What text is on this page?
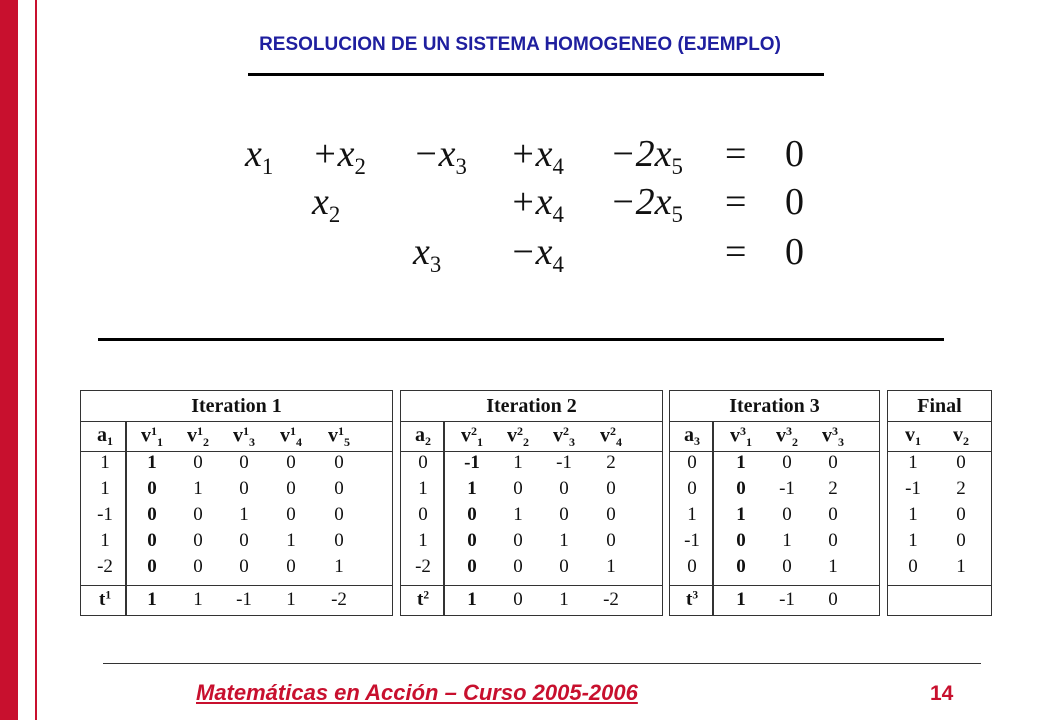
RESOLUCION DE UN SISTEMA HOMOGENEO (EJEMPLO)
$x_1 +x_2 -x_3 +x_4 -2x_5 = 0$
$x_2$	$+x_4 -2x_5 = 0$
$x_3 -x_4$	= 0
Iteration 1
$a_1$	$v^1_1$	$v^1_2$	$v^1_3$	$v^1_4$	$v^1_5$
1	1	0	0	0	0
1	0	1	0	0	0
-1	0	0	1	0	0
1	0	0	0	1	0
-2	0	0	0	0	1
$t^1$	1	1	-1	1	-2
Iteration 2
$a_2$	$v^2_1$	$v^2_2$	$v^2_3$	$v^2_4$
0	-1	1	-1	2
1	1	0	0	0
0	0	1	0	0
1	0	0	1	0
-2	0	0	0	1
$t^2$	1	0	1	-2
Iteration 3
$a_3$	$v^3_1$	$v^3_2$	$v^3_3$
0	1	0	0
0	0	-1	2
1	1	0	0
-1	0	1	0
0	0	0	1
$t^3$	1	-1	0
Final
$v_1$	$v_2$
1	0
-1	2
1	0
1	0
0	1
Matemáticas en Acción – Curso 2005-2006	14
